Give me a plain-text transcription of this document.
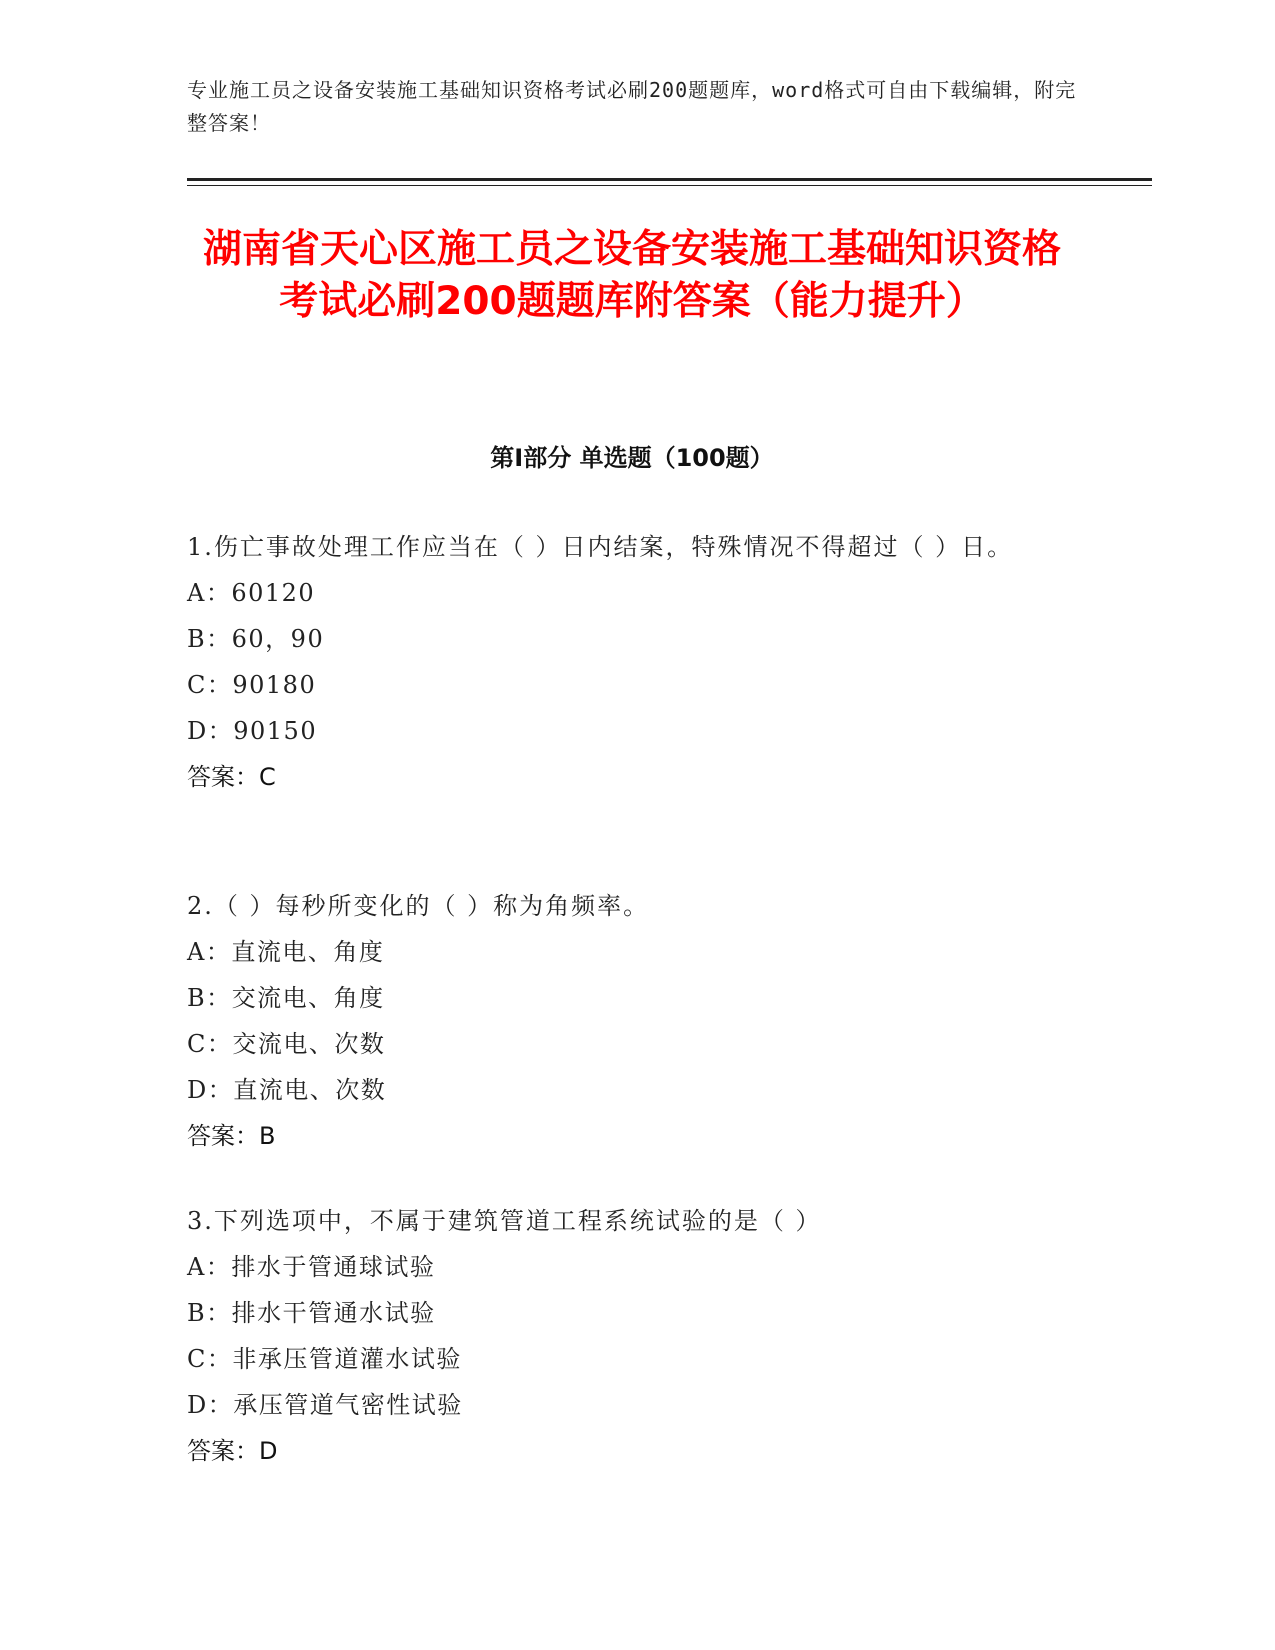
专业施工员之设备安装施工基础知识资格考试必刷200题题库，word格式可自由下载编辑，附完整答案！
湖南省天心区施工员之设备安装施工基础知识资格考试必刷200题题库附答案（能力提升）
第Ⅰ部分 单选题（100题）
1.伤亡事故处理工作应当在（ ）日内结案，特殊情况不得超过（ ）日。
A：60120
B：60，90
C：90180
D：90150
答案：C
2.（ ）每秒所变化的（ ）称为角频率。
A：直流电、角度
B：交流电、角度
C：交流电、次数
D：直流电、次数
答案：B
3.下列选项中，不属于建筑管道工程系统试验的是（ ）
A：排水于管通球试验
B：排水干管通水试验
C：非承压管道灌水试验
D：承压管道气密性试验
答案：D
